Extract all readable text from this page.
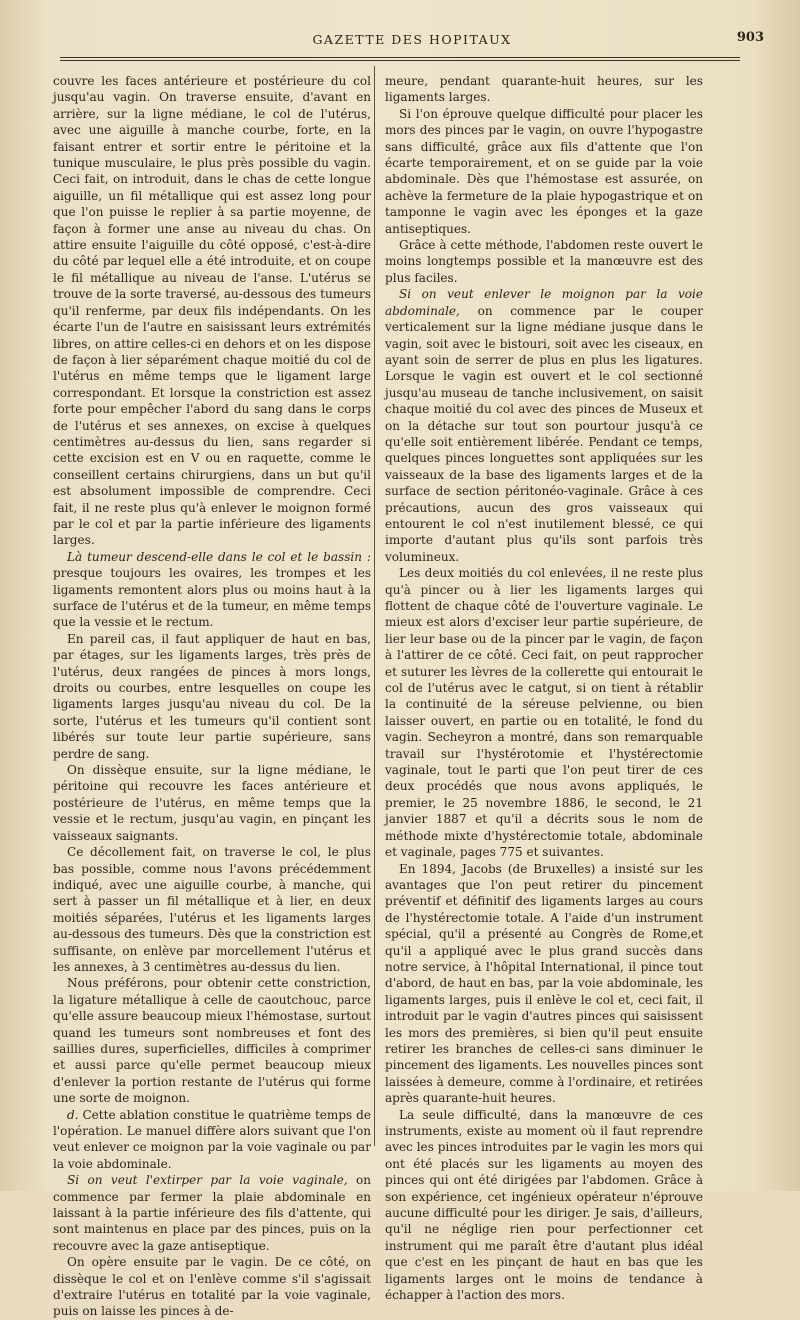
GAZETTE DES HOPITAUX	903

couvre les faces antérieure et postérieure du col jusqu'au vagin. On traverse ensuite, d'avant en arrière, sur la ligne médiane, le col de l'utérus, avec une aiguille à manche courbe, forte, en la faisant entrer et sortir entre le péritoine et la tunique musculaire, le plus près possible du vagin. Ceci fait, on introduit, dans le chas de cette longue aiguille, un fil métallique qui est assez long pour que l'on puisse le replier à sa partie moyenne, de façon à former une anse au niveau du chas. On attire ensuite l'aiguille du côté opposé, c'est-à-dire du côté par lequel elle a été introduite, et on coupe le fil métallique au niveau de l'anse. L'utérus se trouve de la sorte traversé, au-dessous des tumeurs qu'il renferme, par deux fils indépendants. On les écarte l'un de l'autre en saisissant leurs extrémités libres, on attire celles-ci en dehors et on les dispose de façon à lier séparément chaque moitié du col de l'utérus en même temps que le ligament large correspondant. Et lorsque la constriction est assez forte pour empêcher l'abord du sang dans le corps de l'utérus et ses annexes, on excise à quelques centimètres au-dessus du lien, sans regarder si cette excision est en V ou en raquette, comme le conseillent certains chirurgiens, dans un but qu'il est absolument impossible de comprendre. Ceci fait, il ne reste plus qu'à enlever le moignon formé par le col et par la partie inférieure des ligaments larges.

Là tumeur descend-elle dans le col et le bassin : presque toujours les ovaires, les trompes et les ligaments remontent alors plus ou moins haut à la surface de l'utérus et de la tumeur, en même temps que la vessie et le rectum.

En pareil cas, il faut appliquer de haut en bas, par étages, sur les ligaments larges, très près de l'utérus, deux rangées de pinces à mors longs, droits ou courbes, entre lesquelles on coupe les ligaments larges jusqu'au niveau du col. De la sorte, l'utérus et les tumeurs qu'il contient sont libérés sur toute leur partie supérieure, sans perdre de sang.

On dissèque ensuite, sur la ligne médiane, le péritoine qui recouvre les faces antérieure et postérieure de l'utérus, en même temps que la vessie et le rectum, jusqu'au vagin, en pinçant les vaisseaux saignants.

Ce décollement fait, on traverse le col, le plus bas possible, comme nous l'avons précédemment indiqué, avec une aiguille courbe, à manche, qui sert à passer un fil métallique et à lier, en deux moitiés séparées, l'utérus et les ligaments larges au-dessous des tumeurs. Dès que la constriction est suffisante, on enlève par morcellement l'utérus et les annexes, à 3 centimètres au-dessus du lien.

Nous préférons, pour obtenir cette constriction, la ligature métallique à celle de caoutchouc, parce qu'elle assure beaucoup mieux l'hémostase, surtout quand les tumeurs sont nombreuses et font des saillies dures, superficielles, difficiles à comprimer et aussi parce qu'elle permet beaucoup mieux d'enlever la portion restante de l'utérus qui forme une sorte de moignon.

d. Cette ablation constitue le quatrième temps de l'opération. Le manuel diffère alors suivant que l'on veut enlever ce moignon par la voie vaginale ou par la voie abdominale.

Si on veut l'extirper par la voie vaginale, on commence par fermer la plaie abdominale en laissant à la partie inférieure des fils d'attente, qui sont maintenus en place par des pinces, puis on la recouvre avec la gaze antiseptique.

On opère ensuite par le vagin. De ce côté, on dissèque le col et on l'enlève comme s'il s'agissait d'extraire l'utérus en totalité par la voie vaginale, puis on laisse les pinces à de-

meure, pendant quarante-huit heures, sur les ligaments larges.

Si l'on éprouve quelque difficulté pour placer les mors des pinces par le vagin, on ouvre l'hypogastre sans difficulté, grâce aux fils d'attente que l'on écarte temporairement, et on se guide par la voie abdominale. Dès que l'hémostase est assurée, on achève la fermeture de la plaie hypogastrique et on tamponne le vagin avec les éponges et la gaze antiseptiques.

Grâce à cette méthode, l'abdomen reste ouvert le moins longtemps possible et la manœuvre est des plus faciles.

Si on veut enlever le moignon par la voie abdominale, on commence par le couper verticalement sur la ligne médiane jusque dans le vagin, soit avec le bistouri, soit avec les ciseaux, en ayant soin de serrer de plus en plus les ligatures. Lorsque le vagin est ouvert et le col sectionné jusqu'au museau de tanche inclusivement, on saisit chaque moitié du col avec des pinces de Museux et on la détache sur tout son pourtour jusqu'à ce qu'elle soit entièrement libérée. Pendant ce temps, quelques pinces longuettes sont appliquées sur les vaisseaux de la base des ligaments larges et de la surface de section péritonéo-vaginale. Grâce à ces précautions, aucun des gros vaisseaux qui entourent le col n'est inutilement blessé, ce qui importe d'autant plus qu'ils sont parfois très volumineux.

Les deux moitiés du col enlevées, il ne reste plus qu'à pincer ou à lier les ligaments larges qui flottent de chaque côté de l'ouverture vaginale. Le mieux est alors d'exciser leur partie supérieure, de lier leur base ou de la pincer par le vagin, de façon à l'attirer de ce côté. Ceci fait, on peut rapprocher et suturer les lèvres de la collerette qui entourait le col de l'utérus avec le catgut, si on tient à rétablir la continuité de la séreuse pelvienne, ou bien laisser ouvert, en partie ou en totalité, le fond du vagin. Secheyron a montré, dans son remarquable travail sur l'hystérotomie et l'hystérectomie vaginale, tout le parti que l'on peut tirer de ces deux procédés que nous avons appliqués, le premier, le 25 novembre 1886, le second, le 21 janvier 1887 et qu'il a décrits sous le nom de méthode mixte d'hystérectomie totale, abdominale et vaginale, pages 775 et suivantes.

En 1894, Jacobs (de Bruxelles) a insisté sur les avantages que l'on peut retirer du pincement préventif et définitif des ligaments larges au cours de l'hystérectomie totale. A l'aide d'un instrument spécial, qu'il a présenté au Congrès de Rome,et qu'il a appliqué avec le plus grand succès dans notre service, à l'hôpital International, il pince tout d'abord, de haut en bas, par la voie abdominale, les ligaments larges, puis il enlève le col et, ceci fait, il introduit par le vagin d'autres pinces qui saisissent les mors des premières, si bien qu'il peut ensuite retirer les branches de celles-ci sans diminuer le pincement des ligaments. Les nouvelles pinces sont laissées à demeure, comme à l'ordinaire, et retirées après quarante-huit heures.

La seule difficulté, dans la manœuvre de ces instruments, existe au moment où il faut reprendre avec les pinces introduites par le vagin les mors qui ont été placés sur les ligaments au moyen des pinces qui ont été dirigées par l'abdomen. Grâce à son expérience, cet ingénieux opérateur n'éprouve aucune difficulté pour les diriger. Je sais, d'ailleurs, qu'il ne néglige rien pour perfectionner cet instrument qui me paraît être d'autant plus idéal que c'est en les pinçant de haut en bas que les ligaments larges ont le moins de tendance à échapper à l'action des mors.
